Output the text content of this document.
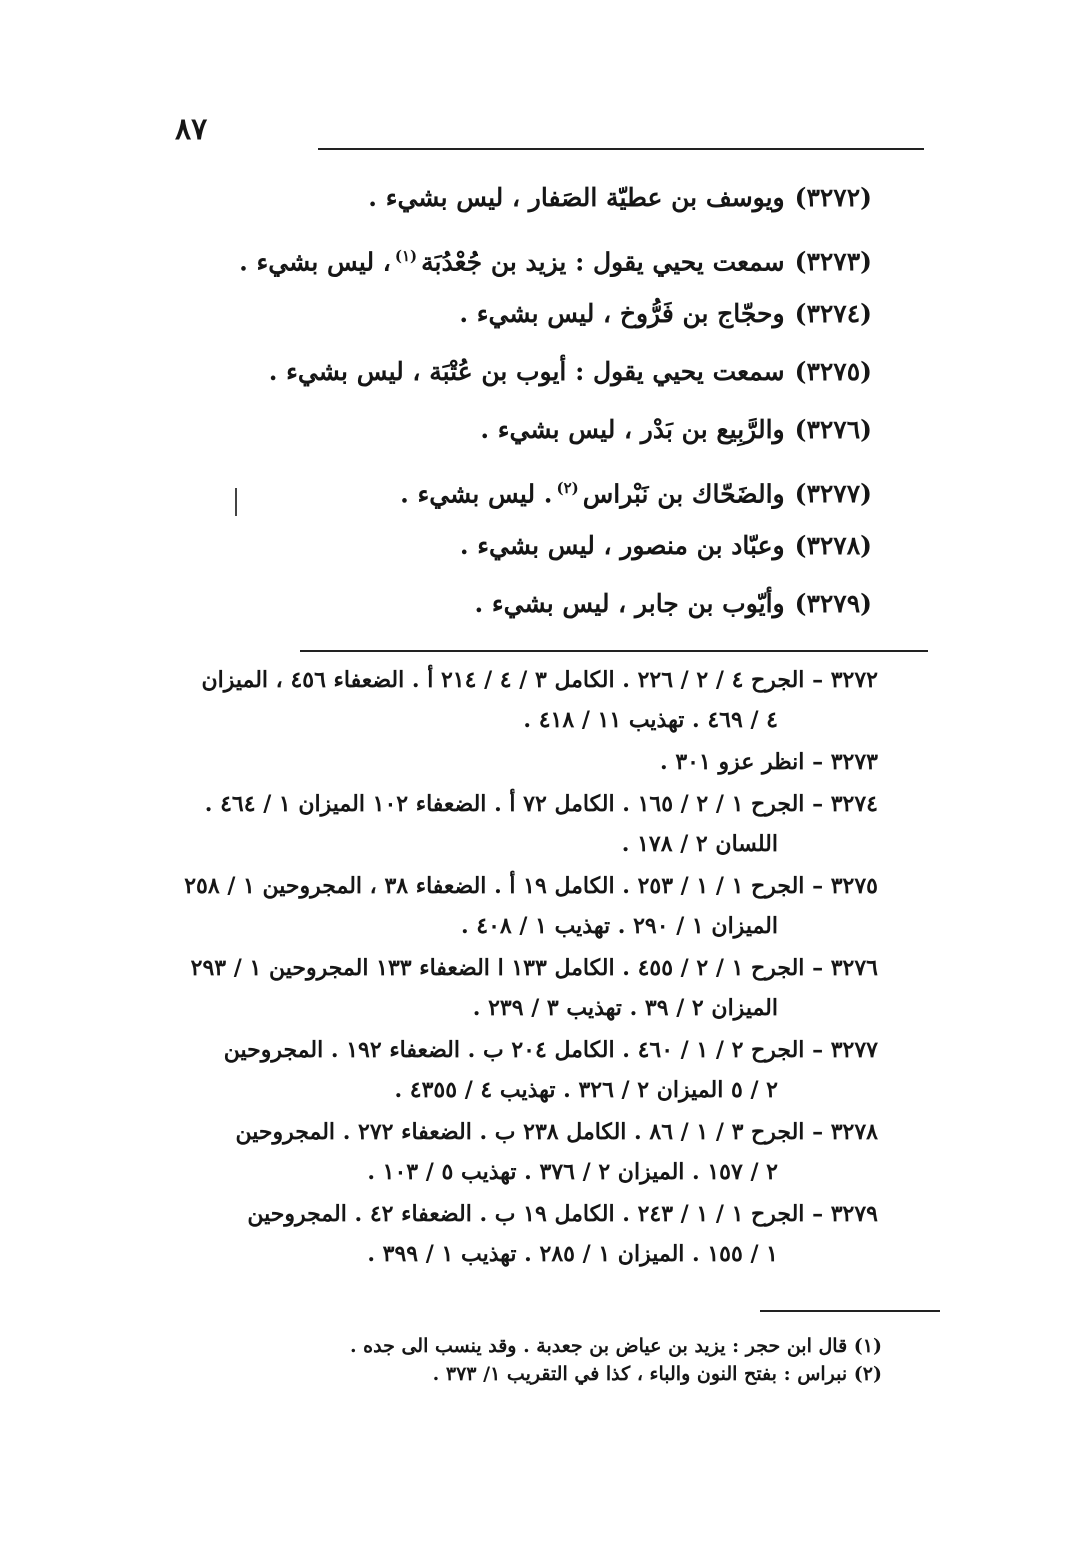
٨٧
(٣٢٧٢)ويوسف بن عطيّة الصَفار ، ليس بشيء .
(٣٢٧٣)سمعت يحيي يقول : يزيد بن جُعْدُبَة$^{(١)}$، ليس بشيء .
(٣٢٧٤)وحجّاج بن فَرُّوخ ، ليس بشيء .
(٣٢٧٥)سمعت يحيي يقول : أيوب بن عُتْبَة ، ليس بشيء .
(٣٢٧٦)والرَّبِيع بن بَدْر ، ليس بشيء .
(٣٢٧٧)والضَحّاك بن نَبْراس$^{(٢)}$. ليس بشيء .
(٣٢٧٨)وعبّاد بن منصور ، ليس بشيء .
(٣٢٧٩)وأيّوب بن جابر ، ليس بشيء .
٣٢٧٢ – الجرح ٤ / ٢ / ٢٢٦ . الكامل ٣ / ٤ / ٢١٤ أ . الضعفاء ٤٥٦ ، الميزان
٤ / ٤٦٩ . تهذيب ١١ / ٤١٨ .
٣٢٧٣ – انظر عزو ٣٠١ .
٣٢٧٤ – الجرح ١ / ٢ / ١٦٥ . الكامل ٧٢ أ . الضعفاء ١٠٢ الميزان ١ / ٤٦٤ .
اللسان ٢ / ١٧٨ .
٣٢٧٥ – الجرح ١ / ١ / ٢٥٣ . الكامل ١٩ أ . الضعفاء ٣٨ ، المجروحين ١ / ٢٥٨
الميزان ١ / ٢٩٠ . تهذيب ١ / ٤٠٨ .
٣٢٧٦ – الجرح ١ / ٢ / ٤٥٥ . الكامل ١٣٣ ا الضعفاء ١٣٣ المجروحين ١ / ٢٩٣
الميزان ٢ / ٣٩ . تهذيب ٣ / ٢٣٩ .
٣٢٧٧ – الجرح ٢ / ١ / ٤٦٠ . الكامل ٢٠٤ ب . الضعفاء ١٩٢ . المجروحين
٢ / ٥ الميزان ٢ / ٣٢٦ . تهذيب ٤ / ٤٣٥٥ .
٣٢٧٨ – الجرح ٣ / ١ / ٨٦ . الكامل ٢٣٨ ب . الضعفاء ٢٧٢ . المجروحين
٢ / ١٥٧ . الميزان ٢ / ٣٧٦ . تهذيب ٥ / ١٠٣ .
٣٢٧٩ – الجرح ١ / ١ / ٢٤٣ . الكامل ١٩ ب . الضعفاء ٤٢ . المجروحين
١ / ١٥٥ . الميزان ١ / ٢٨٥ . تهذيب ١ / ٣٩٩ .
(١) قال ابن حجر : يزيد بن عياض بن جعدبة . وقد ينسب الى جده .
(٢) نبراس : بفتح النون والباء ، كذا في التقريب ١/ ٣٧٣ .
